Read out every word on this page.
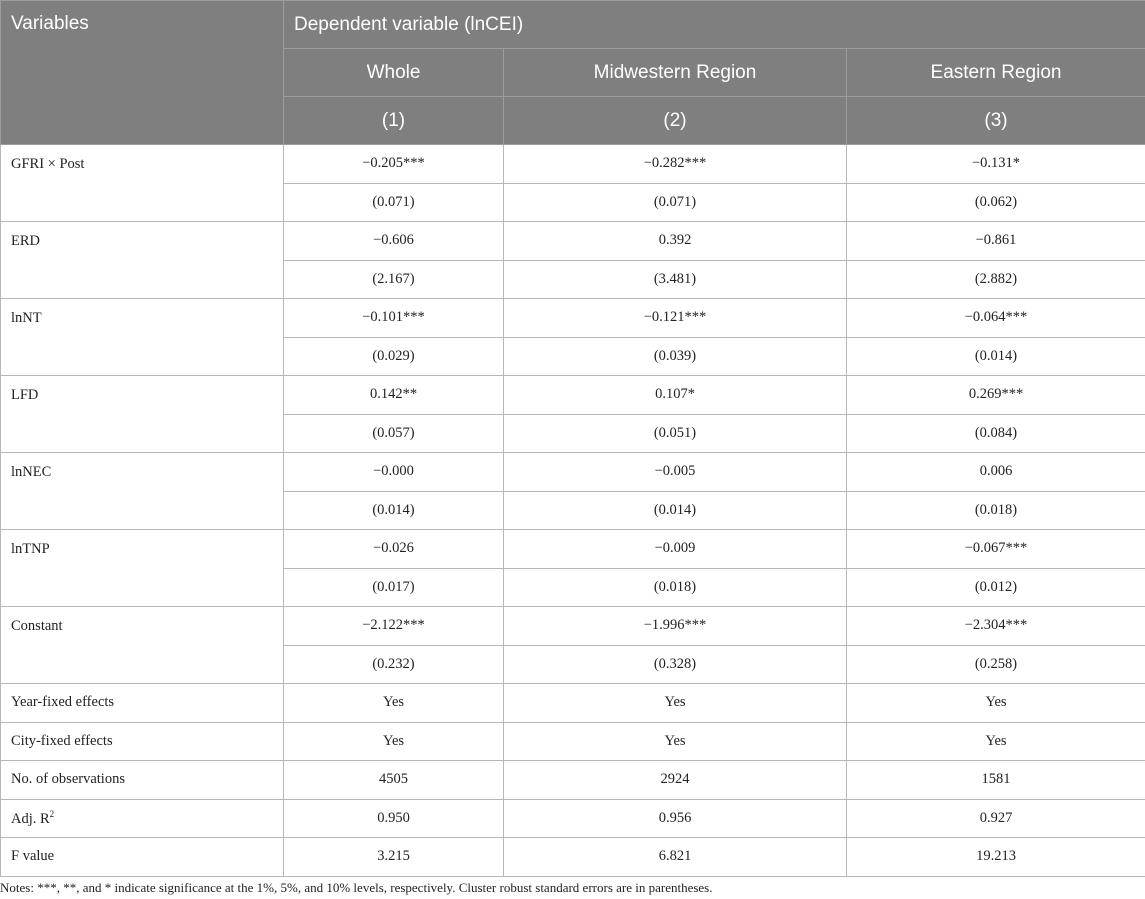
Variables	Dependent variable (lnCEI)		
	Whole	Midwestern Region	Eastern Region
	(1)	(2)	(3)
GFRI × Post	−0.205***	−0.282***	−0.131*
	(0.071)	(0.071)	(0.062)
ERD	−0.606	0.392	−0.861
	(2.167)	(3.481)	(2.882)
lnNT	−0.101***	−0.121***	−0.064***
	(0.029)	(0.039)	(0.014)
LFD	0.142**	0.107*	0.269***
	(0.057)	(0.051)	(0.084)
lnNEC	−0.000	−0.005	0.006
	(0.014)	(0.014)	(0.018)
lnTNP	−0.026	−0.009	−0.067***
	(0.017)	(0.018)	(0.012)
Constant	−2.122***	−1.996***	−2.304***
	(0.232)	(0.328)	(0.258)
Year-fixed effects	Yes	Yes	Yes
City-fixed effects	Yes	Yes	Yes
No. of observations	4505	2924	1581
Adj. $R^2$	0.950	0.956	0.927
F value	3.215	6.821	19.213
Notes: ***, **, and * indicate significance at the 1%, 5%, and 10% levels, respectively. Cluster robust standard errors are in parentheses.
